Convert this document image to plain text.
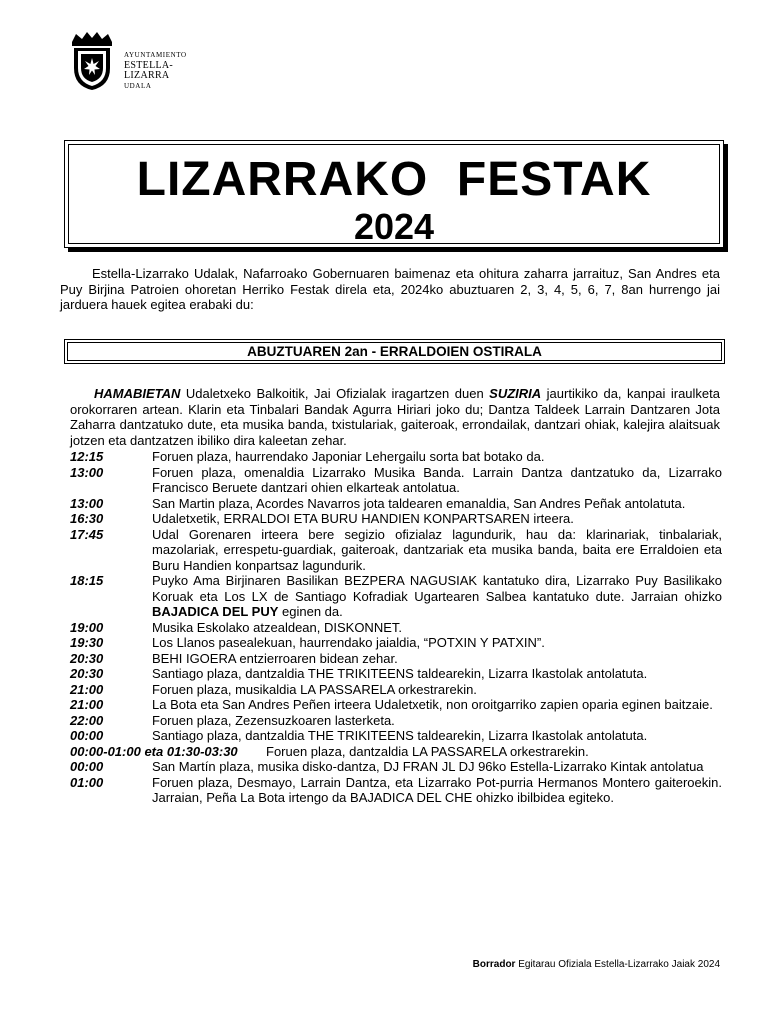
AYUNTAMIENTO
ESTELLA-LIZARRA
UDALA
LIZARRAKO  FESTAK
2024
Estella-Lizarrako Udalak, Nafarroako Gobernuaren baimenaz eta ohitura zaharra jarraituz, San Andres eta Puy Birjina Patroien ohoretan Herriko Festak direla eta, 2024ko abuztuaren 2, 3, 4, 5, 6, 7, 8an hurrengo jai jarduera hauek egitea erabaki du:
ABUZTUAREN 2an - ERRALDOIEN OSTIRALA
HAMABIETAN Udaletxeko Balkoitik, Jai Ofizialak iragartzen duen SUZIRIA jaurtikiko da, kanpai iraulketa orokorraren artean. Klarin eta Tinbalari Bandak Agurra Hiriari joko du; Dantza Taldeek Larrain Dantzaren Jota Zaharra dantzatuko dute, eta musika banda, txistulariak, gaiteroak, errondailak, dantzari ohiak, kalejira alaitsuak jotzen eta dantzatzen ibiliko dira kaleetan zehar.
12:15	Foruen plaza, haurrendako Japoniar Lehergailu sorta bat botako da.
13:00	Foruen plaza, omenaldia Lizarrako Musika Banda. Larrain Dantza dantzatuko da, Lizarrako Francisco Beruete dantzari ohien elkarteak antolatua.
13:00	San Martin plaza, Acordes Navarros jota taldearen emanaldia, San Andres Peñak antolatuta.
16:30	Udaletxetik, ERRALDOI ETA BURU HANDIEN KONPARTSAREN irteera.
17:45	Udal Gorenaren irteera bere segizio ofizialaz lagundurik, hau da: klarinariak, tinbalariak, mazolariak, errespetu-guardiak, gaiteroak, dantzariak eta musika banda, baita ere Erraldoien eta Buru Handien konpartsaz lagundurik.
18:15	Puyko Ama Birjinaren Basilikan BEZPERA NAGUSIAK kantatuko dira, Lizarrako Puy Basilikako Koruak eta Los LX de Santiago Kofradiak Ugartearen Salbea kantatuko dute. Jarraian ohizko BAJADICA DEL PUY eginen da.
19:00	Musika Eskolako atzealdean, DISKONNET.
19:30	Los Llanos pasealekuan, haurrendako jaialdia, “POTXIN Y PATXIN”.
20:30	BEHI IGOERA entzierroaren bidean zehar.
20:30	Santiago plaza, dantzaldia THE TRIKITEENS taldearekin, Lizarra Ikastolak antolatuta.
21:00	Foruen plaza, musikaldia LA PASSARELA orkestrarekin.
21:00	La Bota eta San Andres Peñen irteera Udaletxetik, non oroitgarriko zapien oparia eginen baitzaie.
22:00	Foruen plaza, Zezensuzkoaren lasterketa.
00:00	Santiago plaza, dantzaldia THE TRIKITEENS taldearekin, Lizarra Ikastolak antolatuta.
00:00-01:00 eta 01:30-03:30	Foruen plaza, dantzaldia LA PASSARELA orkestrarekin.
00:00	San Martín plaza, musika disko-dantza, DJ FRAN JL DJ 96ko Estella-Lizarrako Kintak antolatua
01:00	Foruen plaza, Desmayo, Larrain Dantza, eta Lizarrako Pot-purria Hermanos Montero gaiteroekin. Jarraian, Peña La Bota irtengo da BAJADICA DEL CHE ohizko ibilbidea egiteko.
Borrador Egitarau Ofiziala Estella-Lizarrako Jaiak 2024
